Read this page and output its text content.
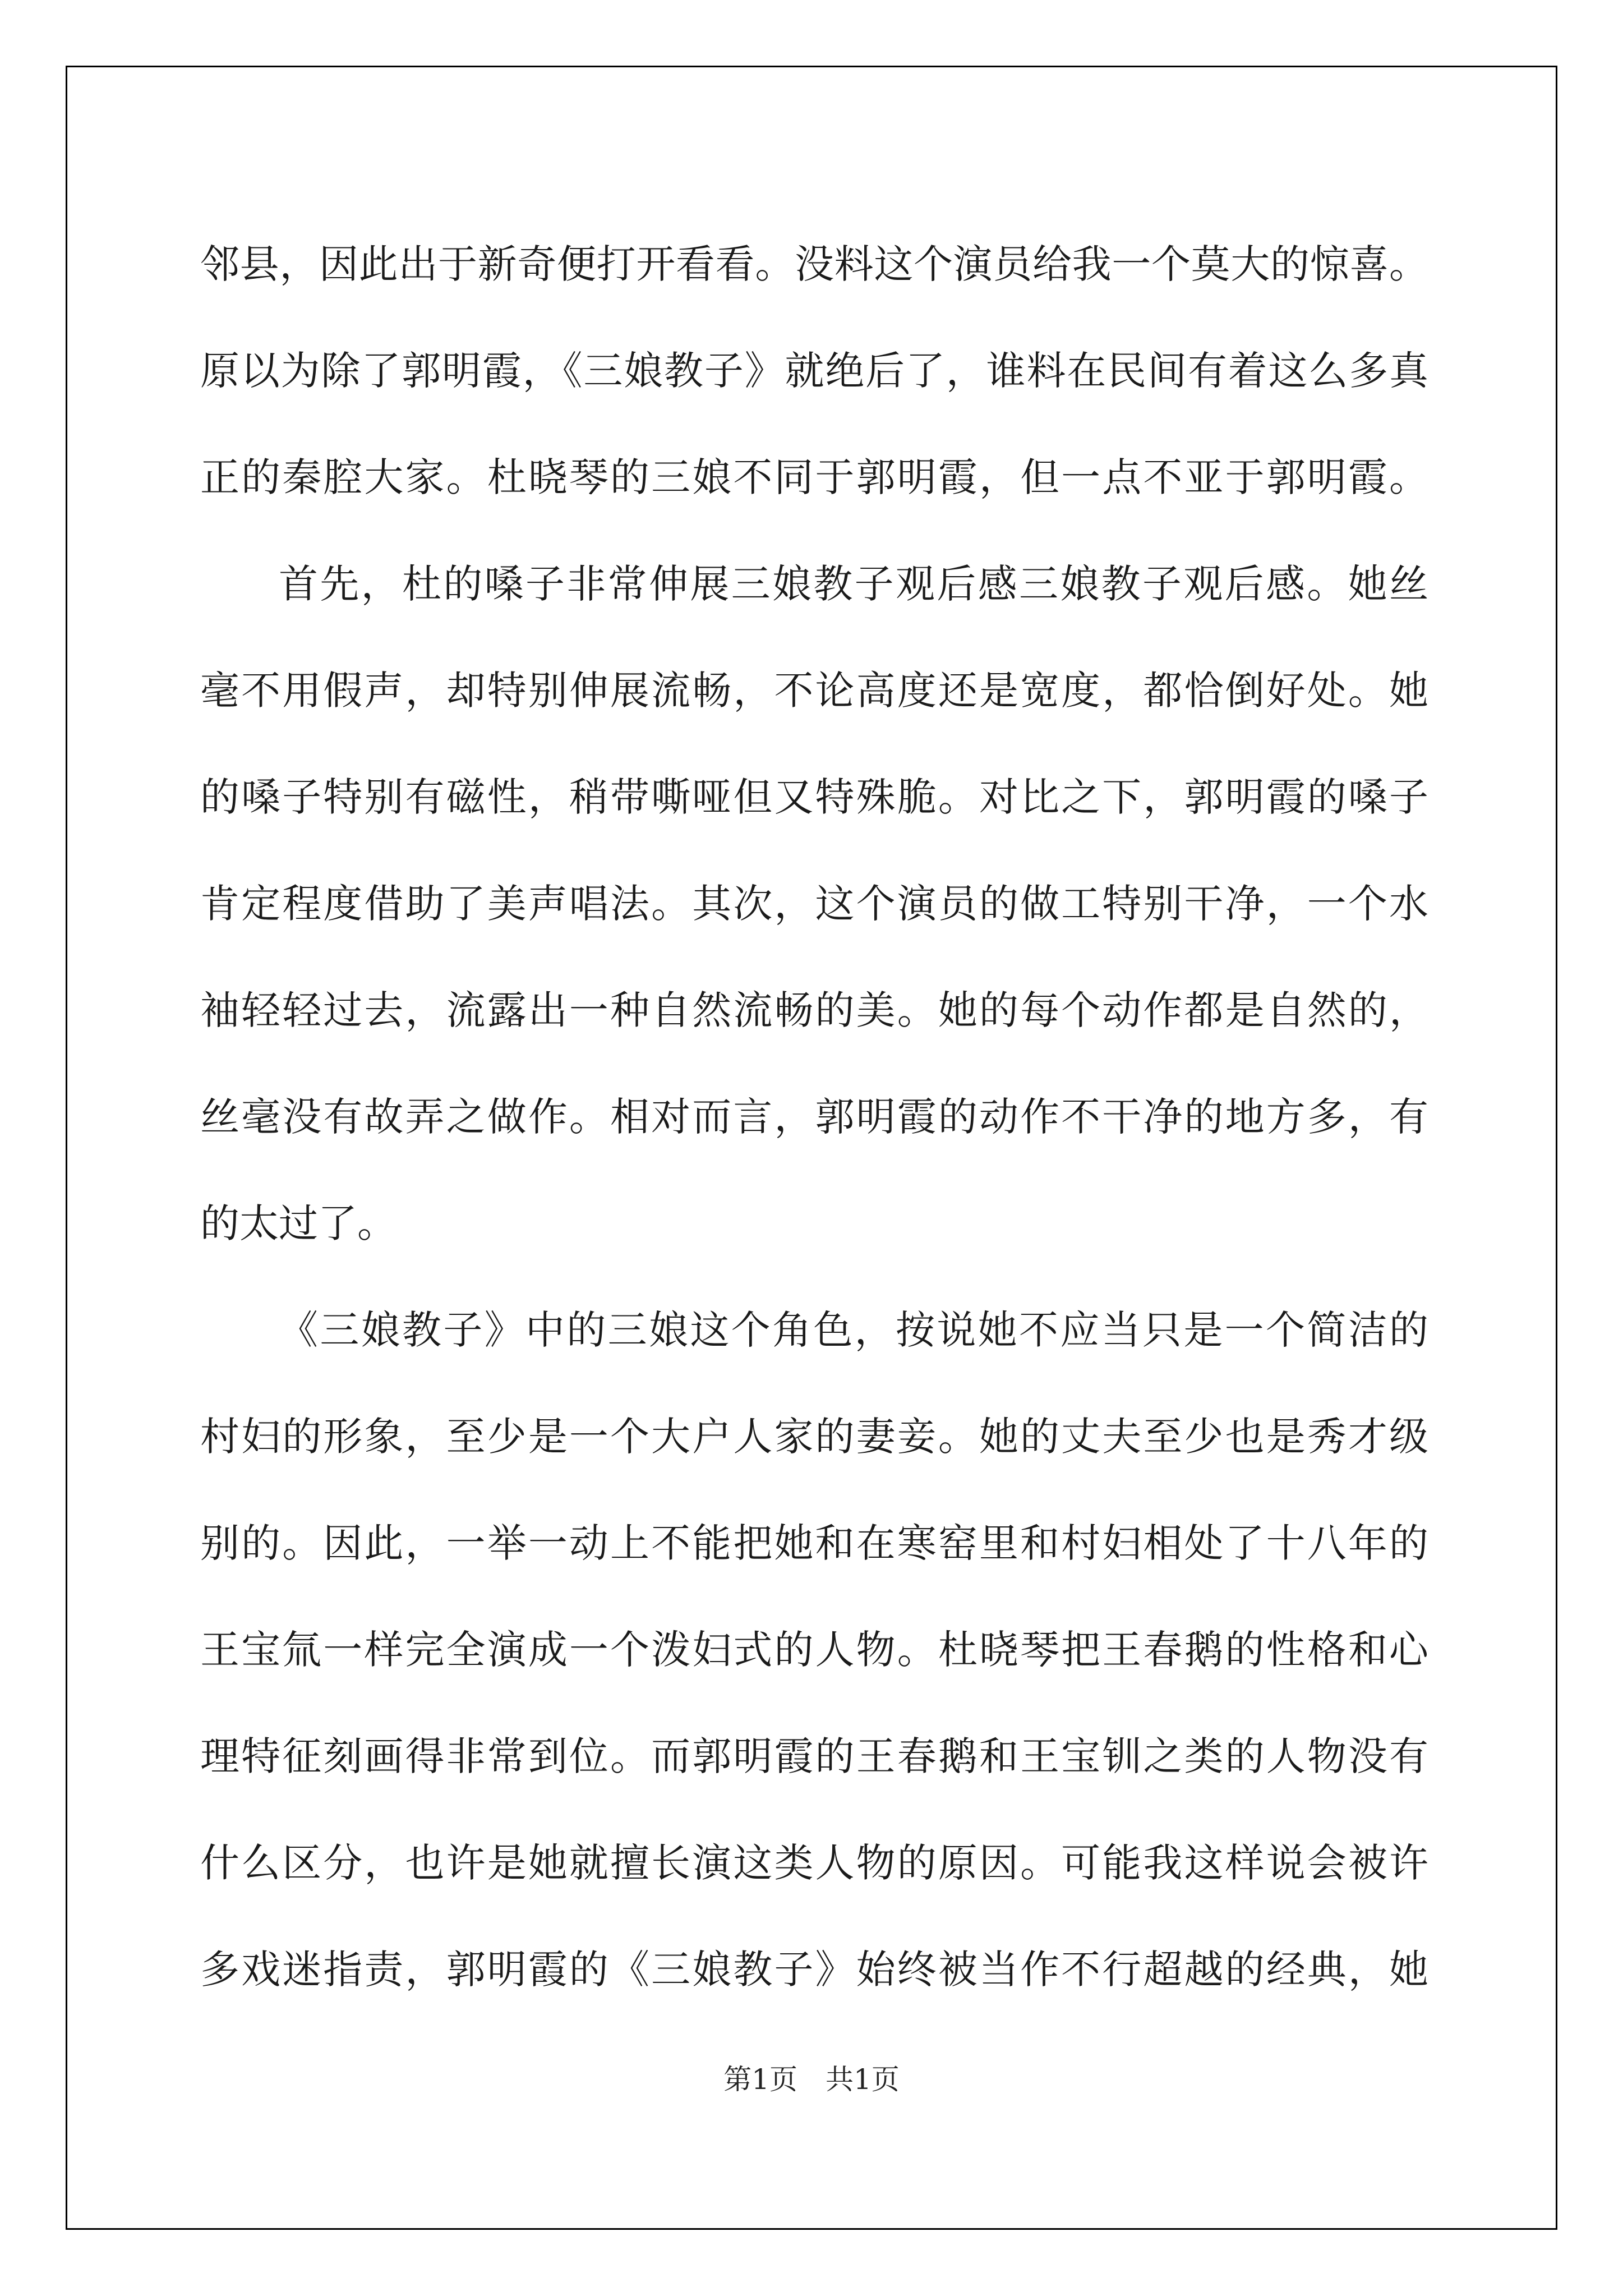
邻县，因此出于新奇便打开看看。没料这个演员给我一个莫大的惊喜。
原以为除了郭明霞，《三娘教子》就绝后了，谁料在民间有着这么多真
正的秦腔大家。杜晓琴的三娘不同于郭明霞，但一点不亚于郭明霞。
首先，杜的嗓子非常伸展三娘教子观后感三娘教子观后感。她丝
毫不用假声，却特别伸展流畅，不论高度还是宽度，都恰倒好处。她
的嗓子特别有磁性，稍带嘶哑但又特殊脆。对比之下，郭明霞的嗓子
肯定程度借助了美声唱法。其次，这个演员的做工特别干净，一个水
袖轻轻过去，流露出一种自然流畅的美。她的每个动作都是自然的，
丝毫没有故弄之做作。相对而言，郭明霞的动作不干净的地方多，有
的太过了。
《三娘教子》中的三娘这个角色，按说她不应当只是一个简洁的
村妇的形象，至少是一个大户人家的妻妾。她的丈夫至少也是秀才级
别的。因此，一举一动上不能把她和在寒窑里和村妇相处了十八年的
王宝氚一样完全演成一个泼妇式的人物。杜晓琴把王春鹅的性格和心
理特征刻画得非常到位。而郭明霞的王春鹅和王宝钏之类的人物没有
什么区分，也许是她就擅长演这类人物的原因。可能我这样说会被许
多戏迷指责，郭明霞的《三娘教子》始终被当作不行超越的经典，她
第1页　共1页
